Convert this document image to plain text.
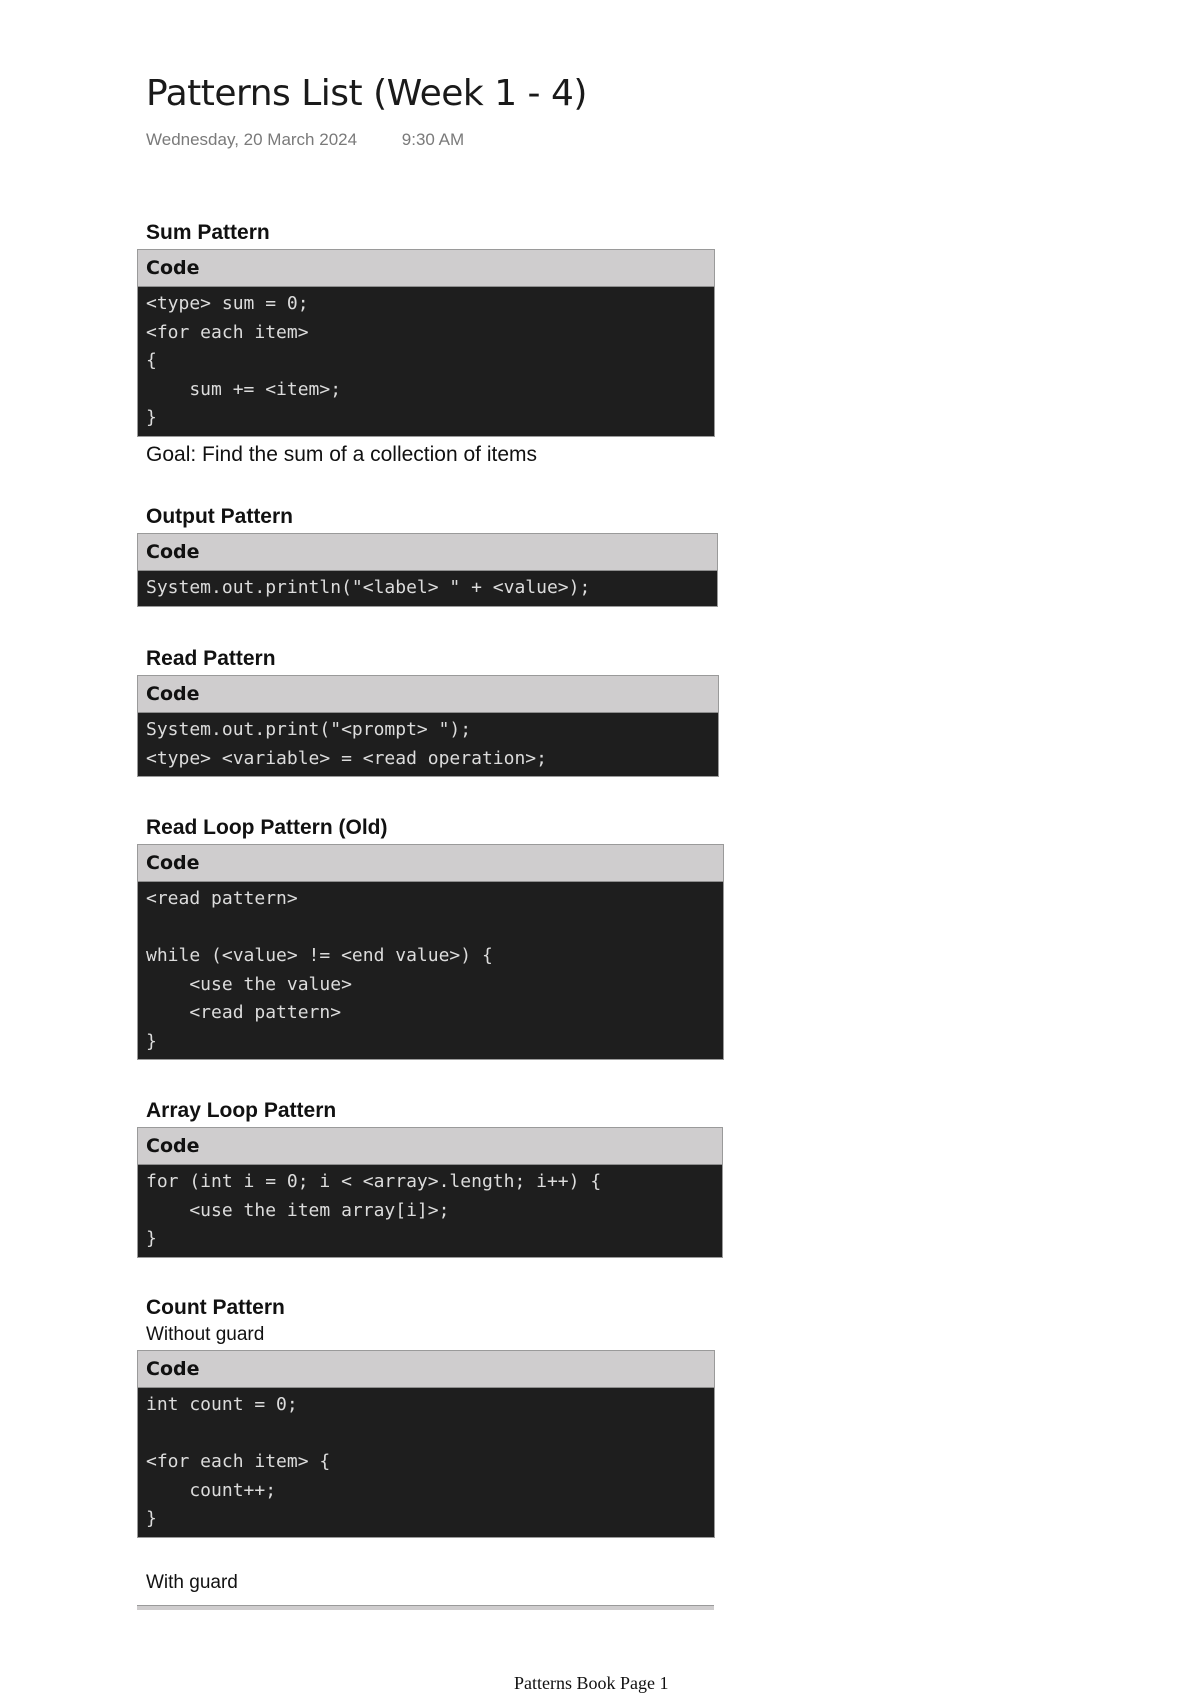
Patterns List (Week 1 - 4)
Wednesday, 20 March 2024	9:30 AM
Sum Pattern
Code
<type> sum = 0;
<for each item>
{
sum += <item>;
}
Goal: Find the sum of a collection of items
Output Pattern
Code
System.out.println("<label> " + <value>);
Read Pattern
Code
System.out.print("<prompt> ");
<type> <variable> = <read operation>;
Read Loop Pattern (Old)
Code
<read pattern>
while (<value> != <end value>) {
<use the value>
<read pattern>
}
Array Loop Pattern
Code
for (int i = 0; i < <array>.length; i++) {
<use the item array[i]>;
}
Count Pattern
Without guard
Code
int count = 0;
<for each item> {
count++;
}
With guard
Patterns Book Page 1
